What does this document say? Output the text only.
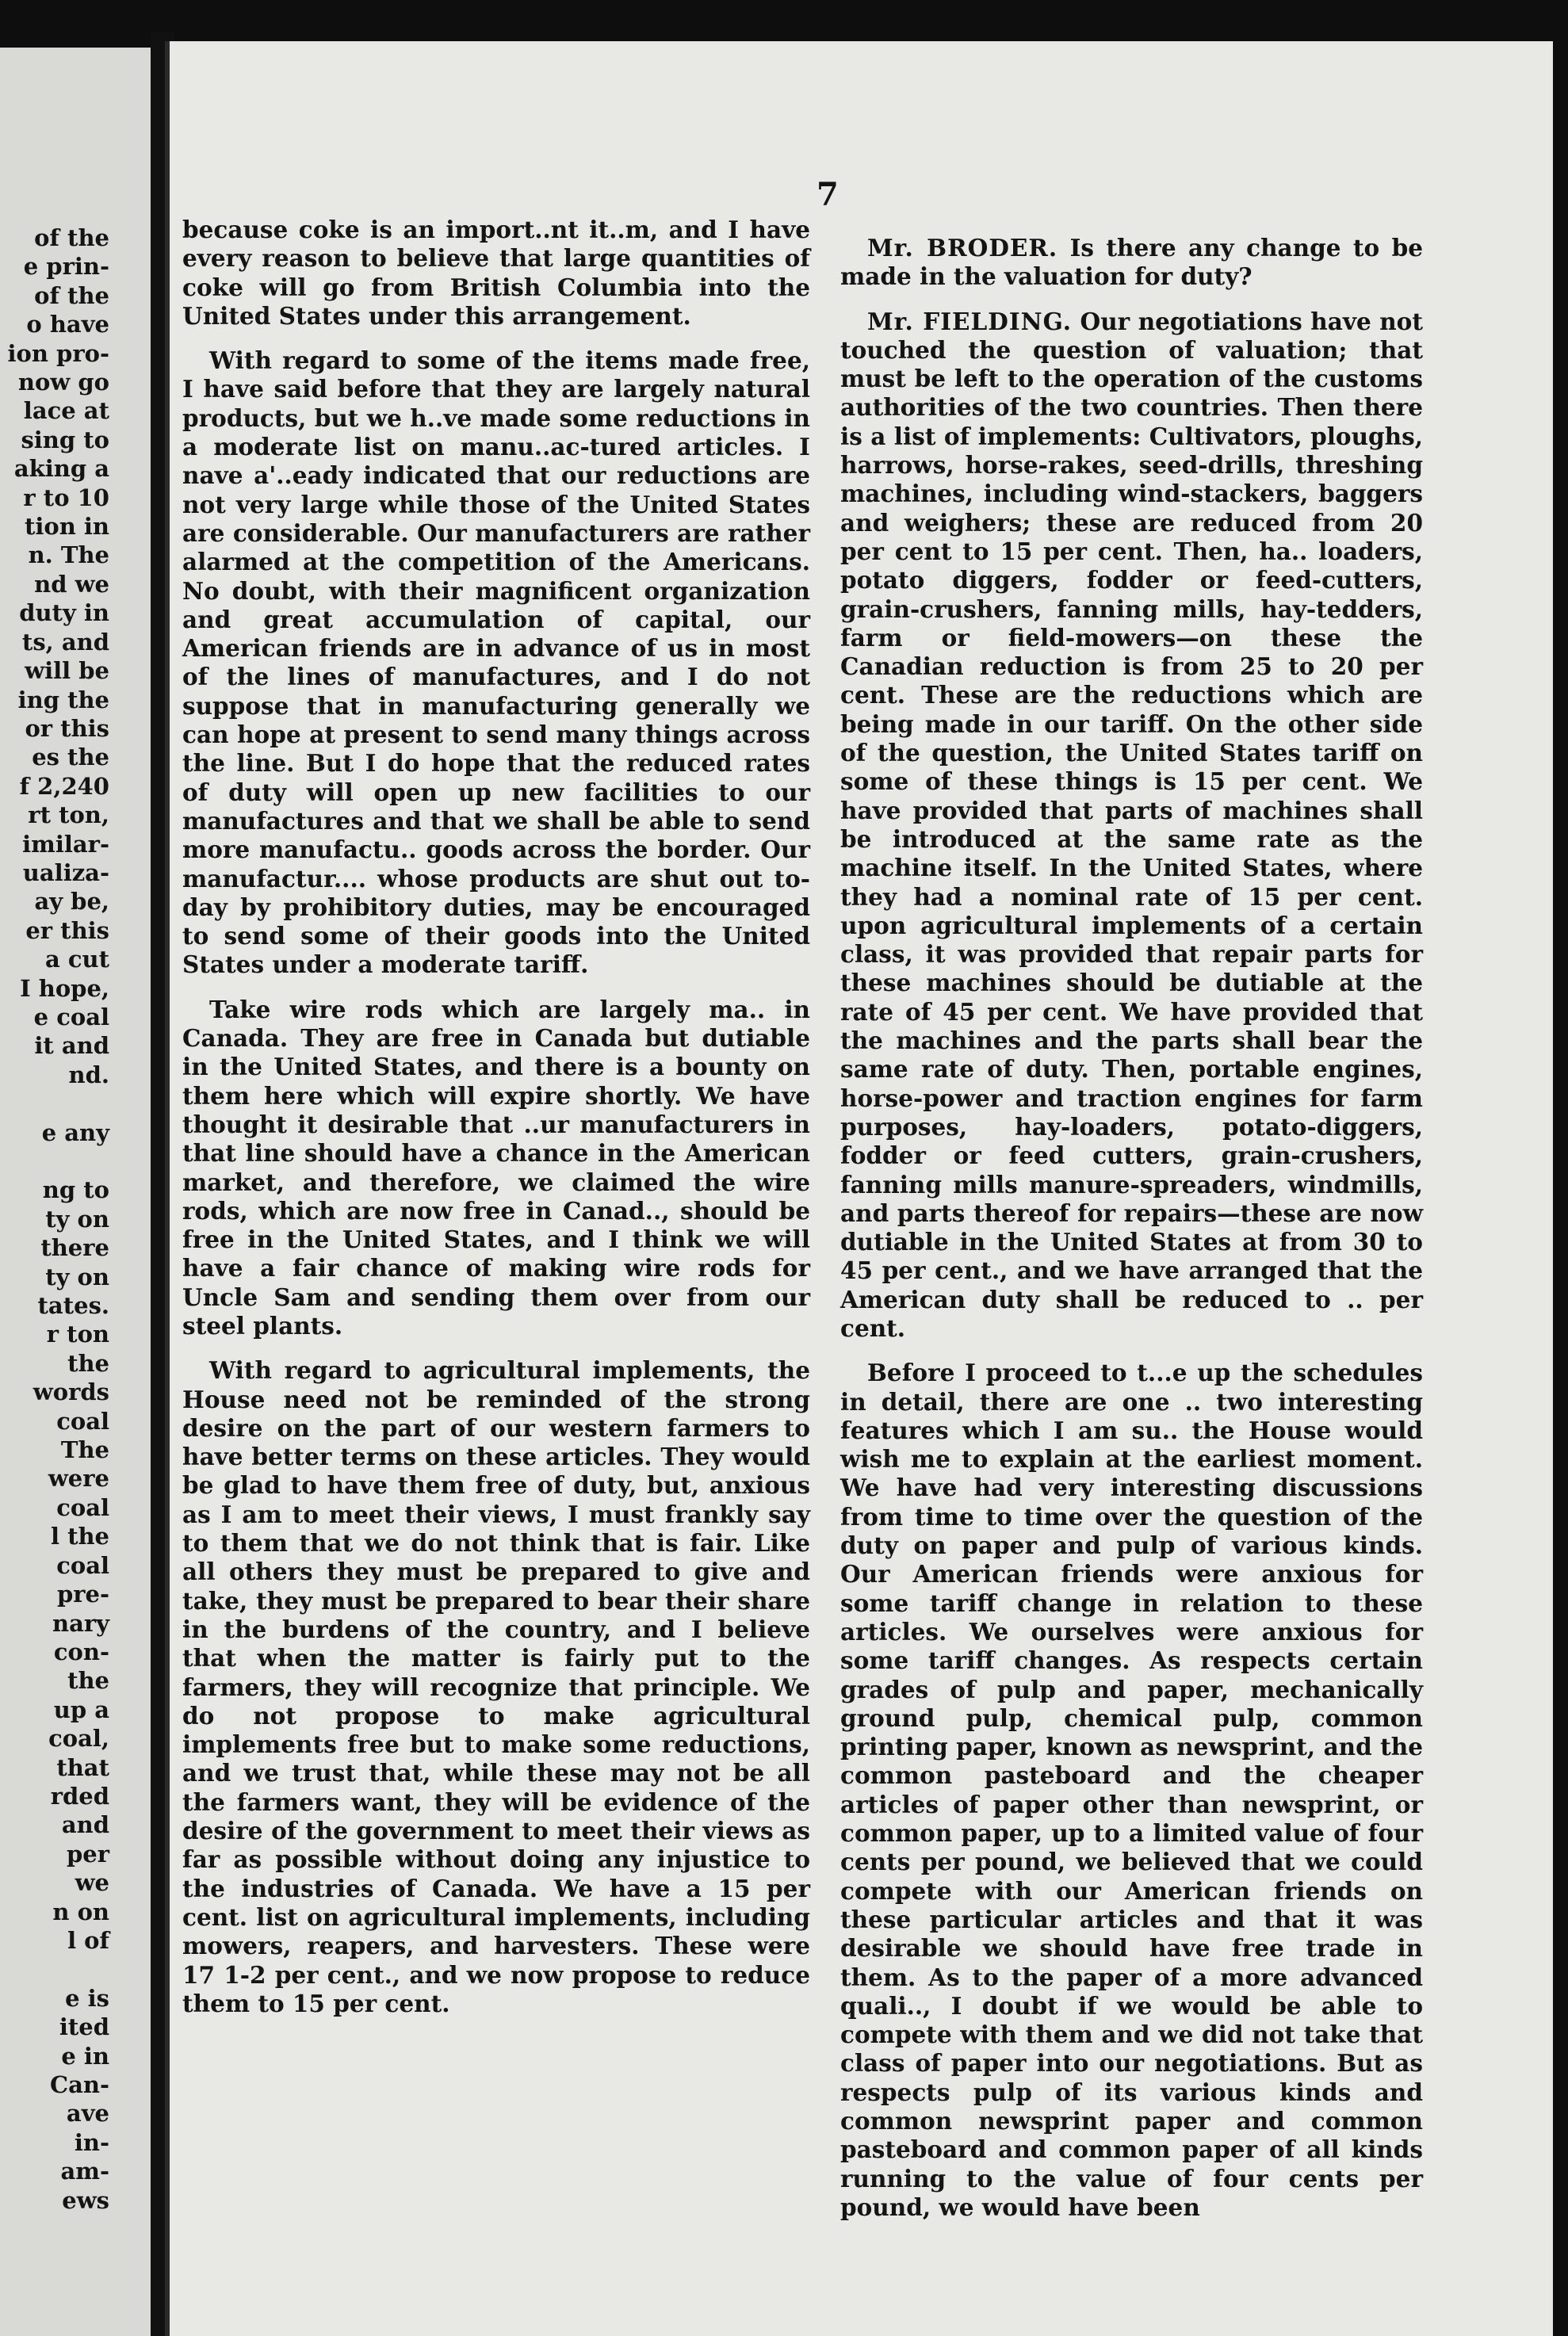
of the
e prin-
of the
o have
ion pro-
now go
lace at
sing to
aking a
r to 10
tion in
n. The
nd we
duty in
ts, and
will be
ing the
or this
es the
f 2,240
rt ton,
imilar-
ualiza-
ay be,
er this
a cut
I hope,
e coal
it and
nd.

e any

ng to
ty on
there
ty on
tates.
r ton
the
words
coal
The
were
coal
l the
coal
pre-
nary
con-
the
up a
coal,
that
rded
and
per
we
n on
l of

e is
ited
e in
Can-
ave
in-
am-
ews
7

because coke is an import..nt it..m, and I have every reason to believe that large quantities of coke will go from British Columbia into the United States under this arrangement.

With regard to some of the items made free, I have said before that they are largely natural products, but we h..ve made some reductions in a moderate list on manu..ac-tured articles. I nave a'..eady indicated that our reductions are not very large while those of the United States are considerable. Our manufacturers are rather alarmed at the competition of the Americans. No doubt, with their magnificent organization and great accumulation of capital, our American friends are in advance of us in most of the lines of manufactures, and I do not suppose that in manufacturing generally we can hope at present to send many things across the line. But I do hope that the reduced rates of duty will open up new facilities to our manufactures and that we shall be able to send more manufactu.. goods across the border. Our manufactur.... whose products are shut out to-day by prohibitory duties, may be encouraged to send some of their goods into the United States under a moderate tariff.

Take wire rods which are largely ma.. in Canada. They are free in Canada but dutiable in the United States, and there is a bounty on them here which will expire shortly. We have thought it desirable that ..ur manufacturers in that line should have a chance in the American market, and therefore, we claimed the wire rods, which are now free in Canad.., should be free in the United States, and I think we will have a fair chance of making wire rods for Uncle Sam and sending them over from our steel plants.

With regard to agricultural implements, the House need not be reminded of the strong desire on the part of our western farmers to have better terms on these articles. They would be glad to have them free of duty, but, anxious as I am to meet their views, I must frankly say to them that we do not think that is fair. Like all others they must be prepared to give and take, they must be prepared to bear their share in the burdens of the country, and I believe that when the matter is fairly put to the farmers, they will recognize that principle. We do not propose to make agricultural implements free but to make some reductions, and we trust that, while these may not be all the farmers want, they will be evidence of the desire of the government to meet their views as far as possible without doing any injustice to the industries of Canada. We have a 15 per cent. list on agricultural implements, including mowers, reapers, and harvesters. These were 17 1-2 per cent., and we now propose to reduce them to 15 per cent.

Mr. BRODER. Is there any change to be made in the valuation for duty?

Mr. FIELDING. Our negotiations have not touched the question of valuation; that must be left to the operation of the customs authorities of the two countries. Then there is a list of implements: Cultivators, ploughs, harrows, horse-rakes, seed-drills, threshing machines, including wind-stackers, baggers and weighers; these are reduced from 20 per cent to 15 per cent. Then, ha.. loaders, potato diggers, fodder or feed-cutters, grain-crushers, fanning mills, hay-tedders, farm or field-mowers—on these the Canadian reduction is from 25 to 20 per cent. These are the reductions which are being made in our tariff. On the other side of the question, the United States tariff on some of these things is 15 per cent. We have provided that parts of machines shall be introduced at the same rate as the machine itself. In the United States, where they had a nominal rate of 15 per cent. upon agricultural implements of a certain class, it was provided that repair parts for these machines should be dutiable at the rate of 45 per cent. We have provided that the machines and the parts shall bear the same rate of duty. Then, portable engines, horse-power and traction engines for farm purposes, hay-loaders, potato-diggers, fodder or feed cutters, grain-crushers, fanning mills manure-spreaders, windmills, and parts thereof for repairs—these are now dutiable in the United States at from 30 to 45 per cent., and we have arranged that the American duty shall be reduced to .. per cent.

Before I proceed to t...e up the schedules in detail, there are one .. two interesting features which I am su.. the House would wish me to explain at the earliest moment. We have had very interesting discussions from time to time over the question of the duty on paper and pulp of various kinds. Our American friends were anxious for some tariff change in relation to these articles. We ourselves were anxious for some tariff changes. As respects certain grades of pulp and paper, mechanically ground pulp, chemical pulp, common printing paper, known as newsprint, and the common pasteboard and the cheaper articles of paper other than newsprint, or common paper, up to a limited value of four cents per pound, we believed that we could compete with our American friends on these particular articles and that it was desirable we should have free trade in them. As to the paper of a more advanced quali.., I doubt if we would be able to compete with them and we did not take that class of paper into our negotiations. But as respects pulp of its various kinds and common newsprint paper and common pasteboard and common paper of all kinds running to the value of four cents per pound, we would have been
